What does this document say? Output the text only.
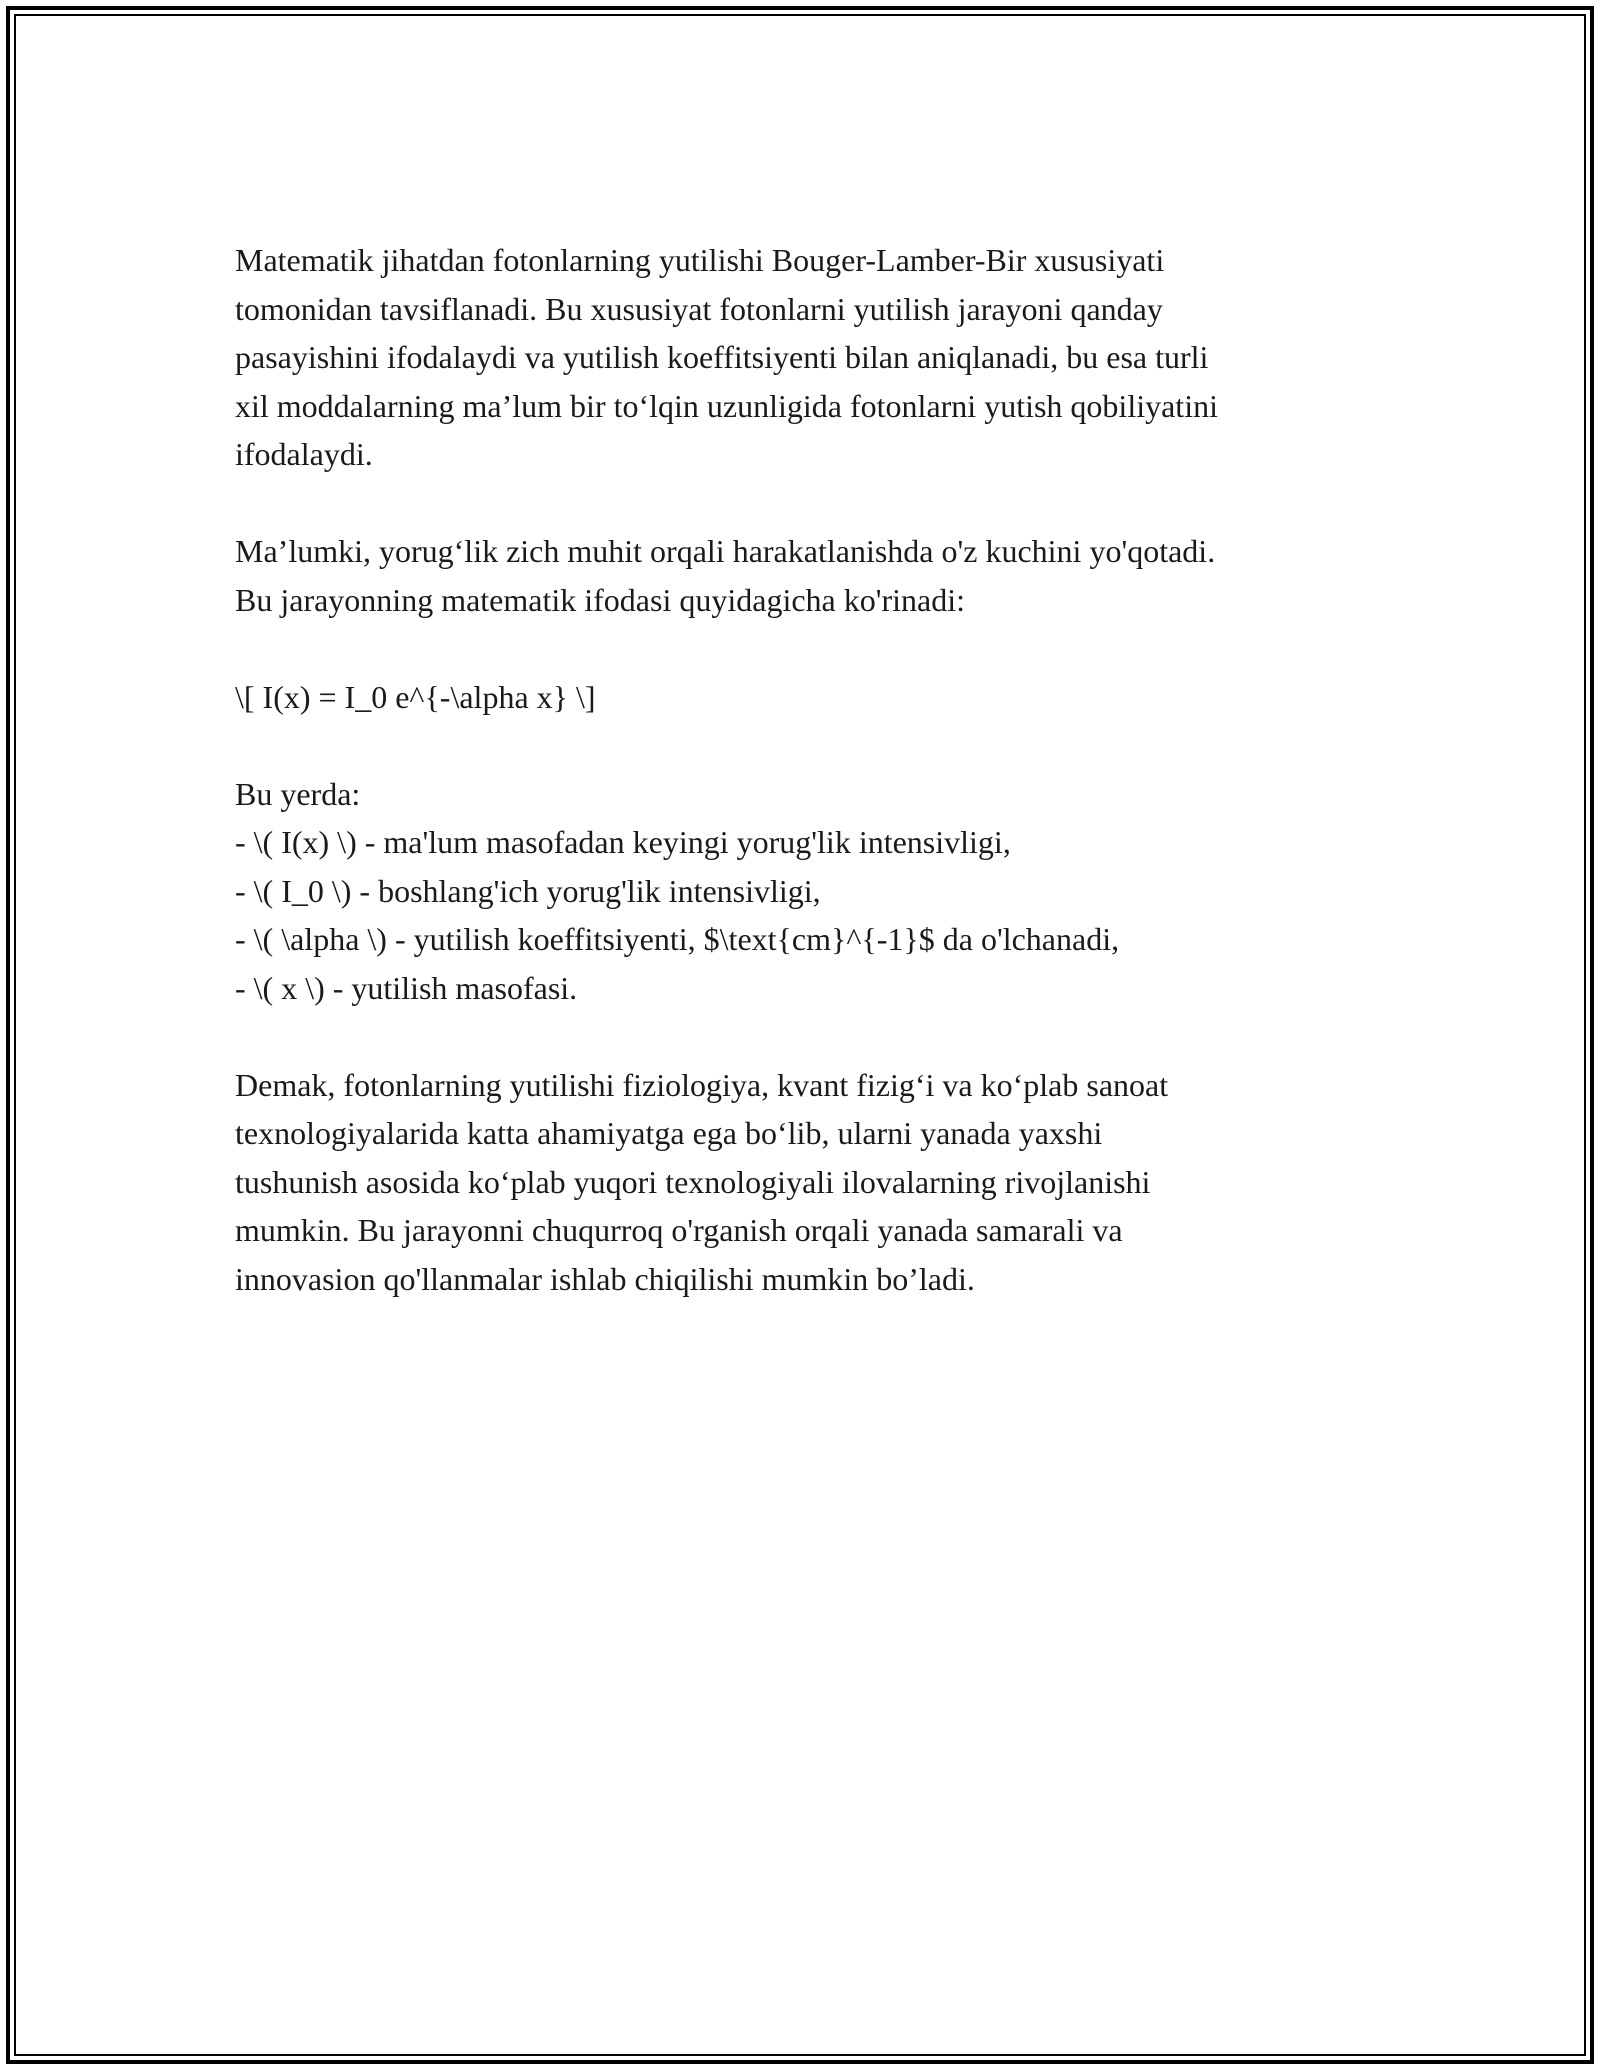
Matematik jihatdan fotonlarning yutilishi Bouger-Lamber-Bir xususiyati
tomonidan tavsiflanadi. Bu xususiyat fotonlarni yutilish jarayoni qanday
pasayishini ifodalaydi va yutilish koeffitsiyenti bilan aniqlanadi, bu esa turli
xil moddalarning ma’lum bir to‘lqin uzunligida fotonlarni yutish qobiliyatini
ifodalaydi.

Ma’lumki, yorug‘lik zich muhit orqali harakatlanishda o'z kuchini yo'qotadi.
Bu jarayonning matematik ifodasi quyidagicha ko'rinadi:

\[ I(x) = I_0 e^{-\alpha x} \]

Bu yerda:

- \( I(x) \) - ma'lum masofadan keyingi yorug'lik intensivligi,

- \( I_0 \) - boshlang'ich yorug'lik intensivligi,

- \( \alpha \) - yutilish koeffitsiyenti, $\text{cm}^{-1}$ da o'lchanadi,

- \( x \) - yutilish masofasi.

Demak, fotonlarning yutilishi fiziologiya, kvant fizig‘i va ko‘plab sanoat
texnologiyalarida katta ahamiyatga ega bo‘lib, ularni yanada yaxshi
tushunish asosida ko‘plab yuqori texnologiyali ilovalarning rivojlanishi
mumkin. Bu jarayonni chuqurroq o'rganish orqali yanada samarali va
innovasion qo'llanmalar ishlab chiqilishi mumkin bo’ladi.
